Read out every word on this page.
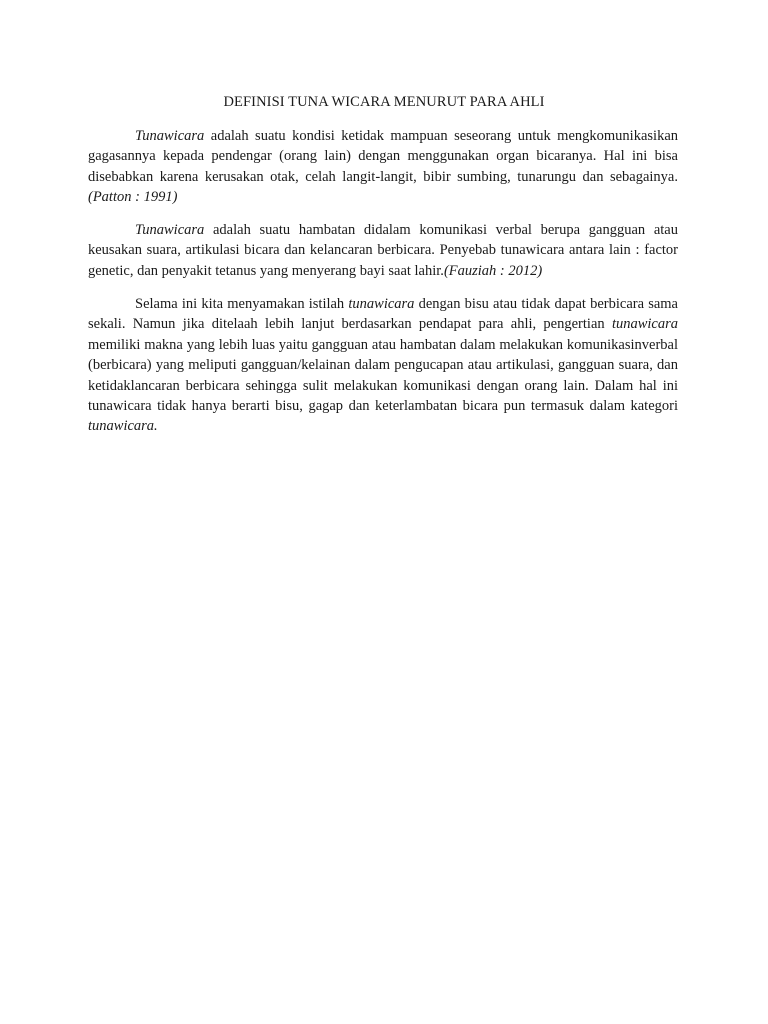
DEFINISI TUNA WICARA MENURUT PARA AHLI

Tunawicara adalah suatu kondisi ketidak mampuan seseorang untuk mengkomunikasikan gagasannya kepada pendengar (orang lain) dengan menggunakan organ bicaranya. Hal ini bisa disebabkan karena kerusakan otak, celah langit-langit, bibir sumbing, tunarungu dan sebagainya. (Patton : 1991)

Tunawicara adalah suatu hambatan didalam komunikasi verbal berupa gangguan atau keusakan suara, artikulasi bicara dan kelancaran berbicara. Penyebab tunawicara antara lain : factor genetic, dan penyakit tetanus yang menyerang bayi saat lahir.(Fauziah : 2012)

Selama ini kita menyamakan istilah tunawicara dengan bisu atau tidak dapat berbicara sama sekali. Namun jika ditelaah lebih lanjut berdasarkan pendapat para ahli, pengertian tunawicara memiliki makna yang lebih luas yaitu gangguan atau hambatan dalam melakukan komunikasinverbal (berbicara) yang meliputi gangguan/kelainan dalam pengucapan atau artikulasi, gangguan suara, dan ketidaklancaran berbicara sehingga sulit melakukan komunikasi dengan orang lain. Dalam hal ini tunawicara tidak hanya berarti bisu, gagap dan keterlambatan bicara pun termasuk dalam kategori tunawicara.
